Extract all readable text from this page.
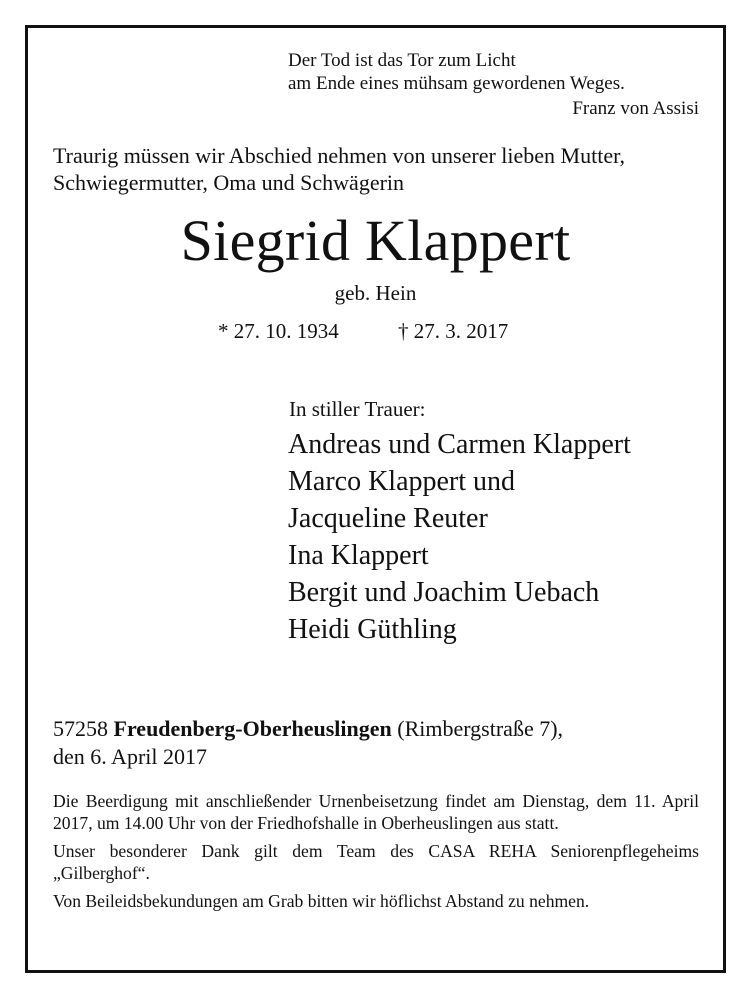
Der Tod ist das Tor zum Licht
am Ende eines mühsam gewordenen Weges.
Franz von Assisi
Traurig müssen wir Abschied nehmen von unserer lieben Mutter,
Schwiegermutter, Oma und Schwägerin
Siegrid Klappert
geb. Hein
* 27. 10. 1934	† 27. 3. 2017
In stiller Trauer:
Andreas und Carmen Klappert
Marco Klappert und
Jacqueline Reuter
Ina Klappert
Bergit und Joachim Uebach
Heidi Güthling
57258 Freudenberg-Oberheuslingen (Rimbergstraße 7),
den 6. April 2017

Die Beerdigung mit anschließender Urnenbeisetzung findet am Dienstag, dem 11. April 2017, um 14.00 Uhr von der Friedhofshalle in Oberheuslingen aus statt.

Unser besonderer Dank gilt dem Team des CASA REHA Seniorenpflegeheims „Gilberghof“.

Von Beileidsbekundungen am Grab bitten wir höflichst Abstand zu nehmen.
